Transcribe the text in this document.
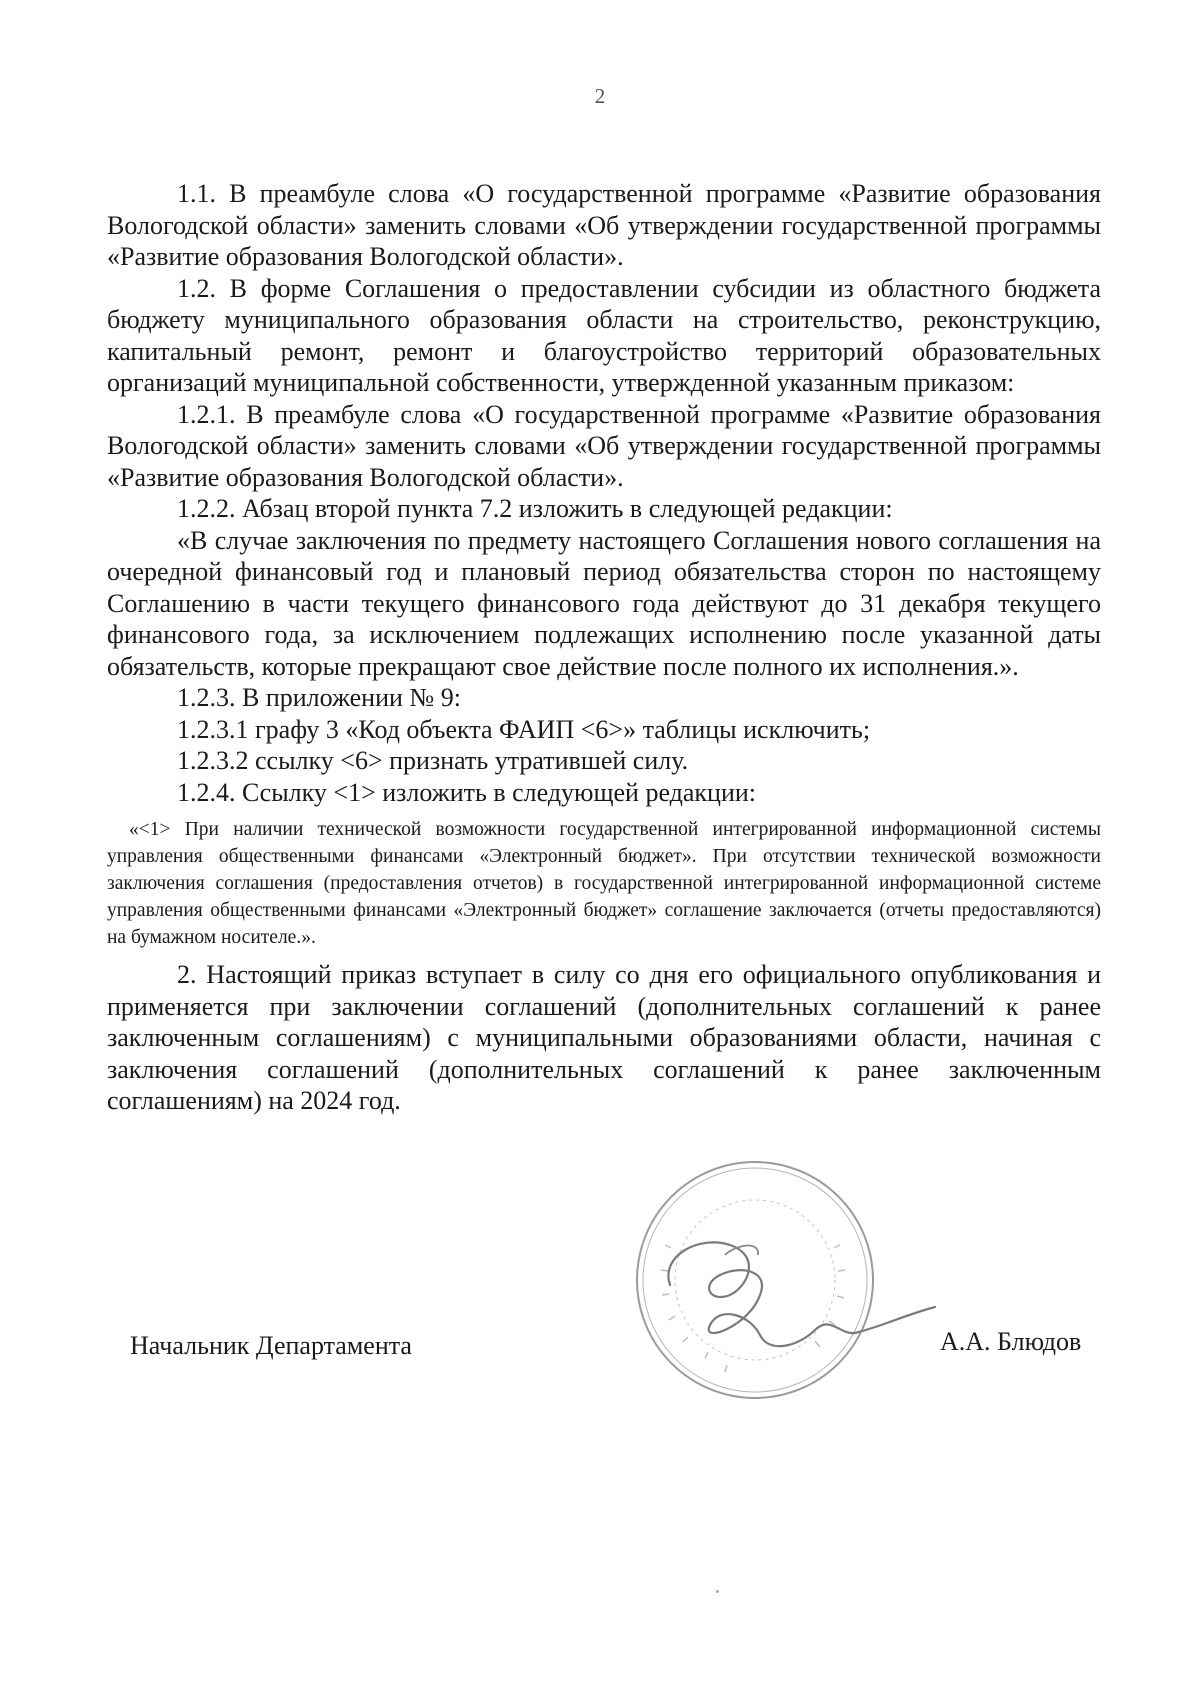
2

1.1. В преамбуле слова «О государственной программе «Развитие образования Вологодской области» заменить словами «Об утверждении государственной программы «Развитие образования Вологодской области».

1.2. В форме Соглашения о предоставлении субсидии из областного бюджета бюджету муниципального образования области на строительство, реконструкцию, капитальный ремонт, ремонт и благоустройство территорий образовательных организаций муниципальной собственности, утвержденной указанным приказом:

1.2.1. В преамбуле слова «О государственной программе «Развитие образования Вологодской области» заменить словами «Об утверждении государственной программы «Развитие образования Вологодской области».

1.2.2. Абзац второй пункта 7.2 изложить в следующей редакции:

«В случае заключения по предмету настоящего Соглашения нового соглашения на очередной финансовый год и плановый период обязательства сторон по настоящему Соглашению в части текущего финансового года действуют до 31 декабря текущего финансового года, за исключением подлежащих исполнению после указанной даты обязательств, которые прекращают свое действие после полного их исполнения.».

1.2.3. В приложении № 9:

1.2.3.1 графу 3 «Код объекта ФАИП <6>» таблицы исключить;

1.2.3.2 ссылку <6> признать утратившей силу.

1.2.4. Ссылку <1> изложить в следующей редакции:

«<1> При наличии технической возможности государственной интегрированной информационной системы управления общественными финансами «Электронный бюджет». При отсутствии технической возможности заключения соглашения (предоставления отчетов) в государственной интегрированной информационной системе управления общественными финансами «Электронный бюджет» соглашение заключается (отчеты предоставляются) на бумажном носителе.».

2. Настоящий приказ вступает в силу со дня его официального опубликования и применяется при заключении соглашений (дополнительных соглашений к ранее заключенным соглашениям) с муниципальными образованиями области, начиная с заключения соглашений (дополнительных соглашений к ранее заключенным соглашениям) на 2024 год.

Начальник Департамента	А.А. Блюдов
